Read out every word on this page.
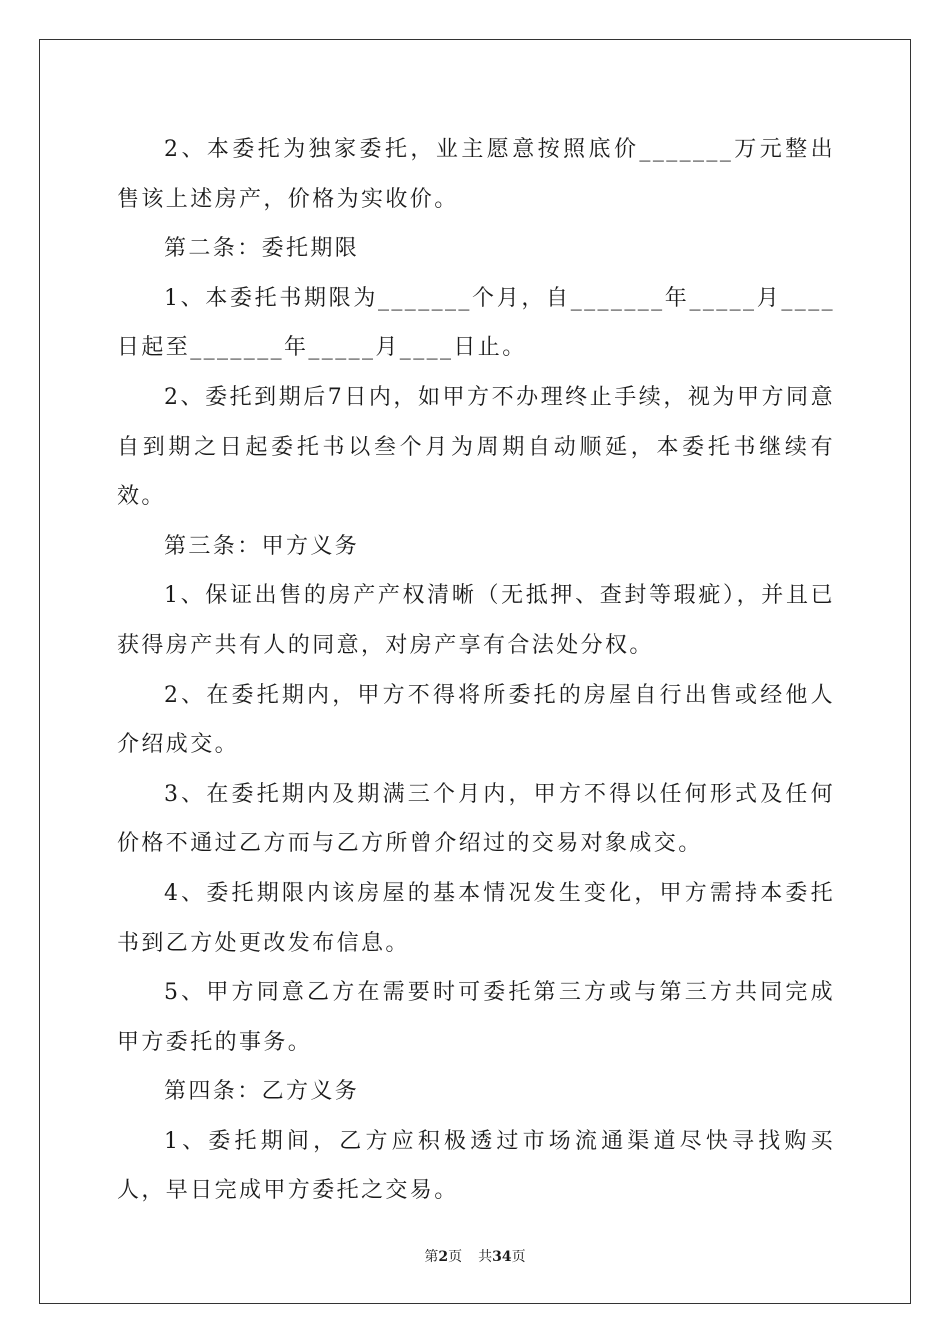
2、本委托为独家委托，业主愿意按照底价_______万元整出售该上述房产，价格为实收价。

第二条：委托期限

1、本委托书期限为_______个月，自_______年_____月____日起至_______年_____月____日止。

2、委托到期后7日内，如甲方不办理终止手续，视为甲方同意自到期之日起委托书以叁个月为周期自动顺延，本委托书继续有效。

第三条：甲方义务

1、保证出售的房产产权清晰（无抵押、查封等瑕疵），并且已获得房产共有人的同意，对房产享有合法处分权。

2、在委托期内，甲方不得将所委托的房屋自行出售或经他人介绍成交。

3、在委托期内及期满三个月内，甲方不得以任何形式及任何价格不通过乙方而与乙方所曾介绍过的交易对象成交。

4、委托期限内该房屋的基本情况发生变化，甲方需持本委托书到乙方处更改发布信息。

5、甲方同意乙方在需要时可委托第三方或与第三方共同完成甲方委托的事务。

第四条：乙方义务

1、委托期间，乙方应积极透过市场流通渠道尽快寻找购买人，早日完成甲方委托之交易。

第2页 共34页
